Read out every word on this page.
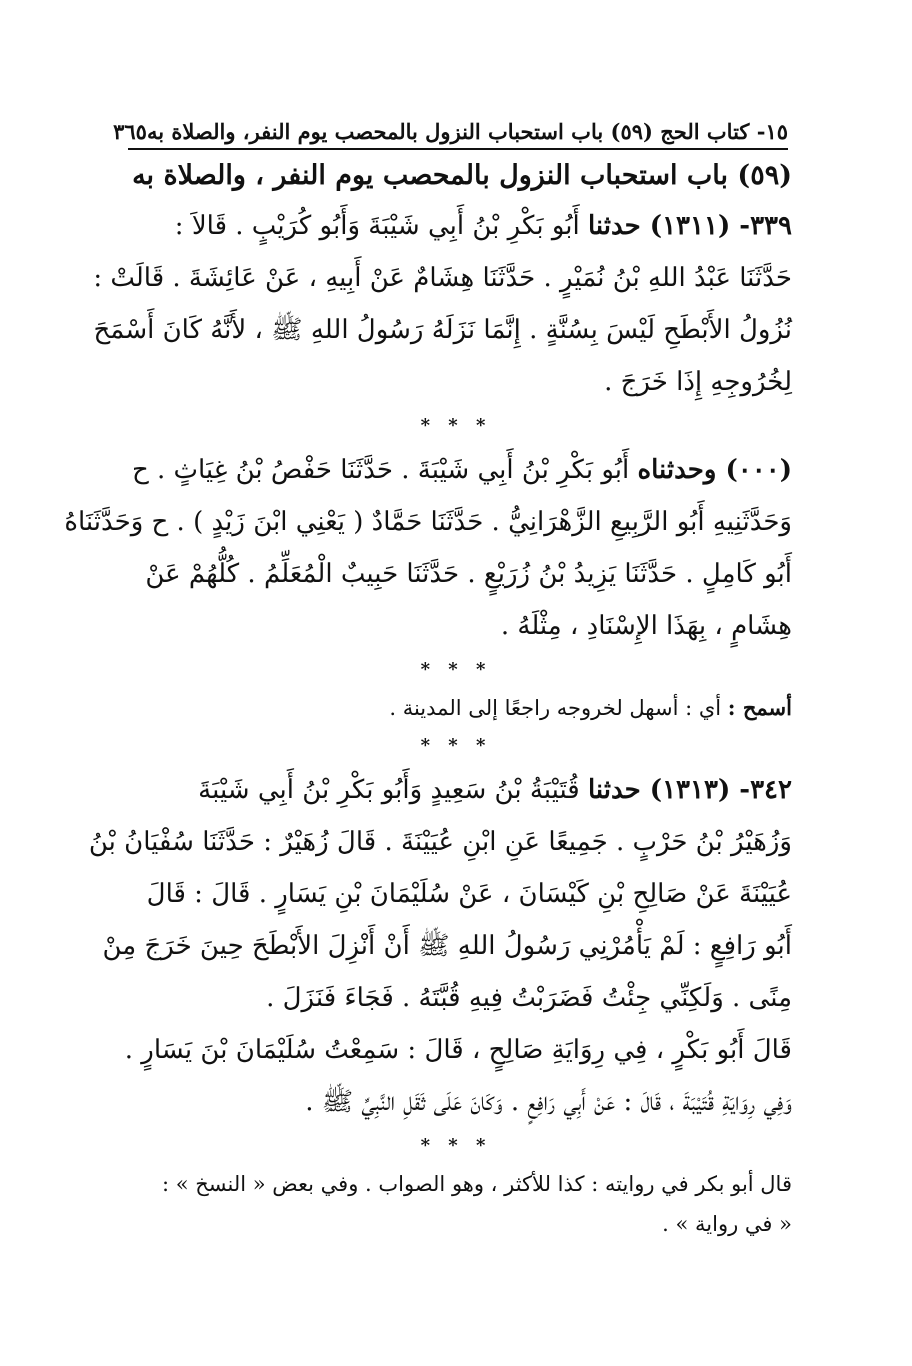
١٥- كتاب الحج (٥٩) باب استحباب النزول بالمحصب يوم النفر، والصلاة به
٣٦٥
(٥٩) باب استحباب النزول بالمحصب يوم النفر ، والصلاة به
٣٣٩- (١٣١١) حدثنا أَبُو بَكْرِ بْنُ أَبِي شَيْبَةَ وَأَبُو كُرَيْبٍ . قَالاَ :
حَدَّثَنَا عَبْدُ اللهِ بْنُ نُمَيْرٍ . حَدَّثَنَا هِشَامٌ عَنْ أَبِيهِ ، عَنْ عَائِشَةَ . قَالَتْ :
نُزُولُ الأَبْطَحِ لَيْسَ بِسُنَّةٍ . إِنَّمَا نَزَلَهُ رَسُولُ اللهِ ﷺ ، لأَنَّهُ كَانَ أَسْمَحَ
لِخُرُوجِهِ إِذَا خَرَجَ .
* * *
(٠٠٠) وحدثناه أَبُو بَكْرِ بْنُ أَبِي شَيْبَةَ . حَدَّثَنَا حَفْصُ بْنُ غِيَاثٍ . ح
وَحَدَّثَنِيهِ أَبُو الرَّبِيعِ الزَّهْرَانِيُّ . حَدَّثَنَا حَمَّادٌ ( يَعْنِي ابْنَ زَيْدٍ ) . ح وَحَدَّثَنَاهُ
أَبُو كَامِلٍ . حَدَّثَنَا يَزِيدُ بْنُ زُرَيْعٍ . حَدَّثَنَا حَبِيبٌ الْمُعَلِّمُ . كُلُّهُمْ عَنْ
هِشَامٍ ، بِهَذَا الإِسْنَادِ ، مِثْلَهُ .
* * *
أسمح : أي : أسهل لخروجه راجعًا إلى المدينة .
* * *
٣٤٢- (١٣١٣) حدثنا قُتَيْبَةُ بْنُ سَعِيدٍ وَأَبُو بَكْرِ بْنُ أَبِي شَيْبَةَ
وَزُهَيْرُ بْنُ حَرْبٍ . جَمِيعًا عَنِ ابْنِ عُيَيْنَةَ . قَالَ زُهَيْرٌ : حَدَّثَنَا سُفْيَانُ بْنُ
عُيَيْنَةَ عَنْ صَالِحِ بْنِ كَيْسَانَ ، عَنْ سُلَيْمَانَ بْنِ يَسَارٍ . قَالَ : قَالَ
أَبُو رَافِعٍ : لَمْ يَأْمُرْنِي رَسُولُ اللهِ ﷺ أَنْ أَنْزِلَ الأَبْطَحَ حِينَ خَرَجَ مِنْ
مِنًى . وَلَكِنِّي جِئْتُ فَضَرَبْتُ فِيهِ قُبَّتَهُ . فَجَاءَ فَنَزَلَ .
قَالَ أَبُو بَكْرٍ ، فِي رِوَايَةِ صَالِحٍ ، قَالَ : سَمِعْتُ سُلَيْمَانَ بْنَ يَسَارٍ .
وَفِي رِوَايَةِ قُتَيْبَةَ ، قَالَ : عَنْ أَبِي رَافِعٍ . وَكَانَ عَلَى ثَقَلِ النَّبِيِّ ﷺ .
* * *
قال أبو بكر في روايته : كذا للأكثر ، وهو الصواب . وفي بعض « النسخ » :
« في رواية » .
